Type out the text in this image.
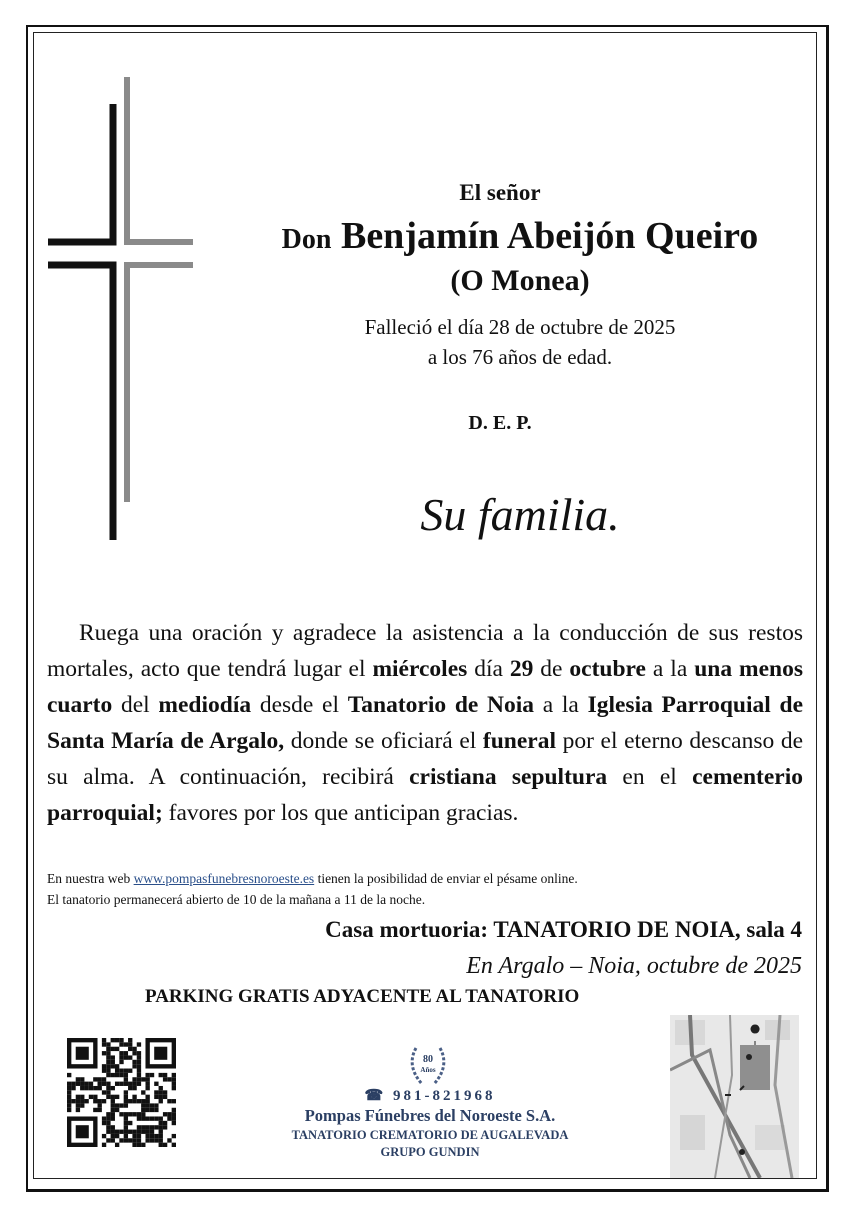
El señor
Don Benjamín Abeijón Queiro
(O Monea)
Falleció el día 28 de octubre de 2025
a los 76 años de edad.
D. E. P.
Su familia.

Ruega una oración y agradece la asistencia a la conducción de sus restos mortales, acto que tendrá lugar el miércoles día 29 de octubre a la una menos cuarto del mediodía desde el Tanatorio de Noia a la Iglesia Parroquial de Santa María de Argalo, donde se oficiará el funeral por el eterno descanso de su alma. A continuación, recibirá cristiana sepultura en el cementerio parroquial; favores por los que anticipan gracias.

En nuestra web www.pompasfunebresnoroeste.es tienen la posibilidad de enviar el pésame online.
El tanatorio permanecerá abierto de 10 de la mañana a 11 de la noche.
Casa mortuoria: TANATORIO DE NOIA, sala 4
En Argalo – Noia, octubre de 2025
PARKING GRATIS ADYACENTE AL TANATORIO
80
Años
☎ 981-821968
Pompas Fúnebres del Noroeste S.A.
TANATORIO CREMATORIO DE AUGALEVADA
GRUPO GUNDIN
